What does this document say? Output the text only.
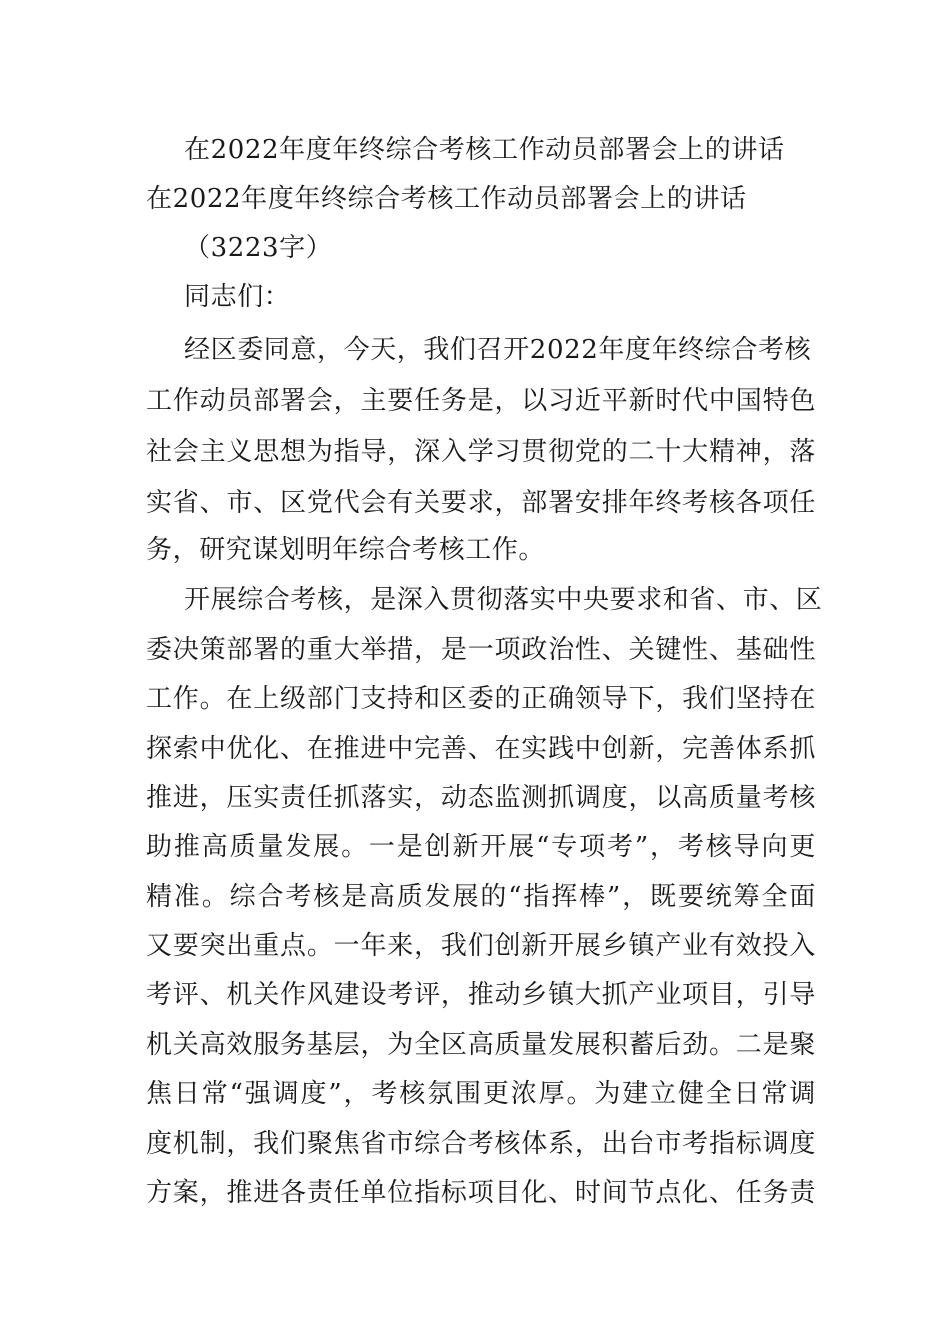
在2022年度年终综合考核工作动员部署会上的讲话
在2022年度年终综合考核工作动员部署会上的讲话
（3223字）
同志们：
经区委同意，今天，我们召开2022年度年终综合考核
工作动员部署会，主要任务是，以习近平新时代中国特色
社会主义思想为指导，深入学习贯彻党的二十大精神，落
实省、市、区党代会有关要求，部署安排年终考核各项任
务，研究谋划明年综合考核工作。
开展综合考核，是深入贯彻落实中央要求和省、市、区
委决策部署的重大举措，是一项政治性、关键性、基础性
工作。在上级部门支持和区委的正确领导下，我们坚持在
探索中优化、在推进中完善、在实践中创新，完善体系抓
推进，压实责任抓落实，动态监测抓调度，以高质量考核
助推高质量发展。一是创新开展“专项考”，考核导向更
精准。综合考核是高质发展的“指挥棒”，既要统筹全面
又要突出重点。一年来，我们创新开展乡镇产业有效投入
考评、机关作风建设考评，推动乡镇大抓产业项目，引导
机关高效服务基层，为全区高质量发展积蓄后劲。二是聚
焦日常“强调度”，考核氛围更浓厚。为建立健全日常调
度机制，我们聚焦省市综合考核体系，出台市考指标调度
方案，推进各责任单位指标项目化、时间节点化、任务责
